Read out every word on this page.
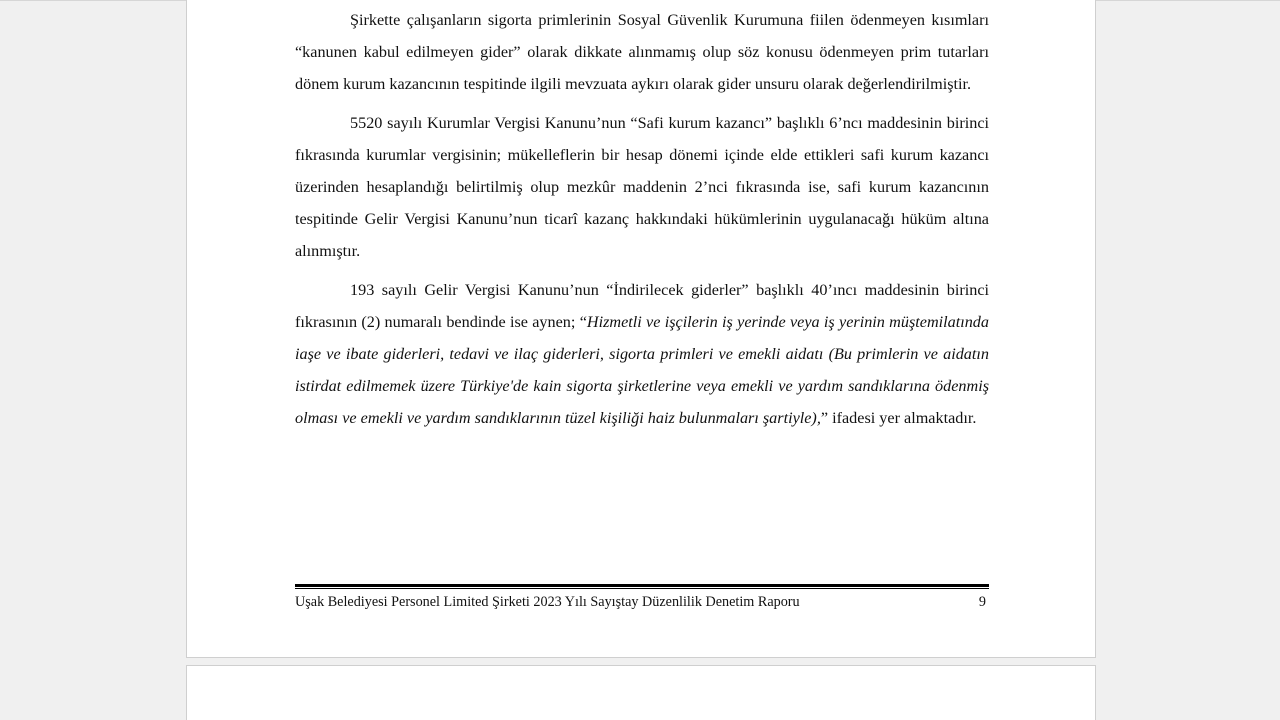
Şirkette çalışanların sigorta primlerinin Sosyal Güvenlik Kurumuna fiilen ödenmeyen kısımları “kanunen kabul edilmeyen gider” olarak dikkate alınmamış olup söz konusu ödenmeyen prim tutarları dönem kurum kazancının tespitinde ilgili mevzuata aykırı olarak gider unsuru olarak değerlendirilmiştir.

5520 sayılı Kurumlar Vergisi Kanunu’nun “Safi kurum kazancı” başlıklı 6’ncı maddesinin birinci fıkrasında kurumlar vergisinin; mükelleflerin bir hesap dönemi içinde elde ettikleri safi kurum kazancı üzerinden hesaplandığı belirtilmiş olup mezkûr maddenin 2’nci fıkrasında ise, safi kurum kazancının tespitinde Gelir Vergisi Kanunu’nun ticarî kazanç hakkındaki hükümlerinin uygulanacağı hüküm altına alınmıştır.

193 sayılı Gelir Vergisi Kanunu’nun “İndirilecek giderler” başlıklı 40’ıncı maddesinin birinci fıkrasının (2) numaralı bendinde ise aynen; “Hizmetli ve işçilerin iş yerinde veya iş yerinin müştemilatında iaşe ve ibate giderleri, tedavi ve ilaç giderleri, sigorta primleri ve emekli aidatı (Bu primlerin ve aidatın istirdat edilmemek üzere Türkiye'de kain sigorta şirketlerine veya emekli ve yardım sandıklarına ödenmiş olması ve emekli ve yardım sandıklarının tüzel kişiliği haiz bulunmaları şartiyle),” ifadesi yer almaktadır.

Uşak Belediyesi Personel Limited Şirketi 2023 Yılı Sayıştay Düzenlilik Denetim Raporu	9
